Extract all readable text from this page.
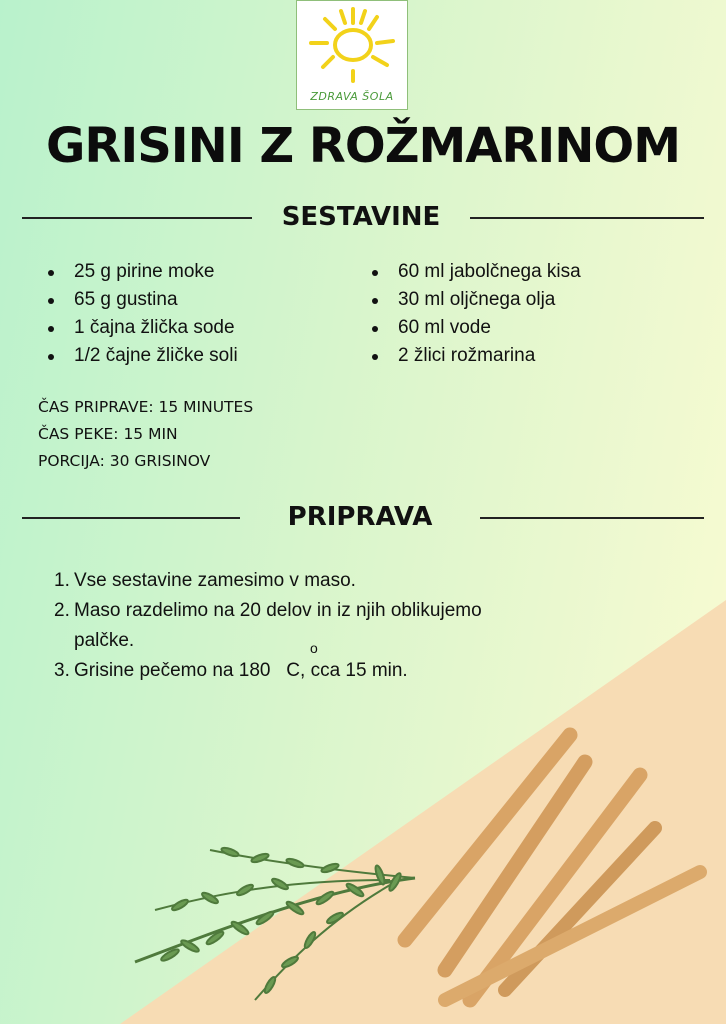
ZDRAVA ŠOLA
GRISINI Z ROŽMARINOM
SESTAVINE
25 g pirine moke
65 g gustina
1 čajna žlička sode
1/2 čajne žličke soli
60 ml jabolčnega kisa
30 ml oljčnega olja
60 ml vode
2 žlici rožmarina
ČAS PRIPRAVE: 15 MINUTES
ČAS PEKE: 15 MIN
PORCIJA: 30 GRISINOV
PRIPRAVA
1. Vse sestavine zamesimo v maso.
2. Maso razdelimo na 20 delov in iz njih oblikujemo palčke.
3. Grisine pečemo na 180   C, cca 15 min.
o
